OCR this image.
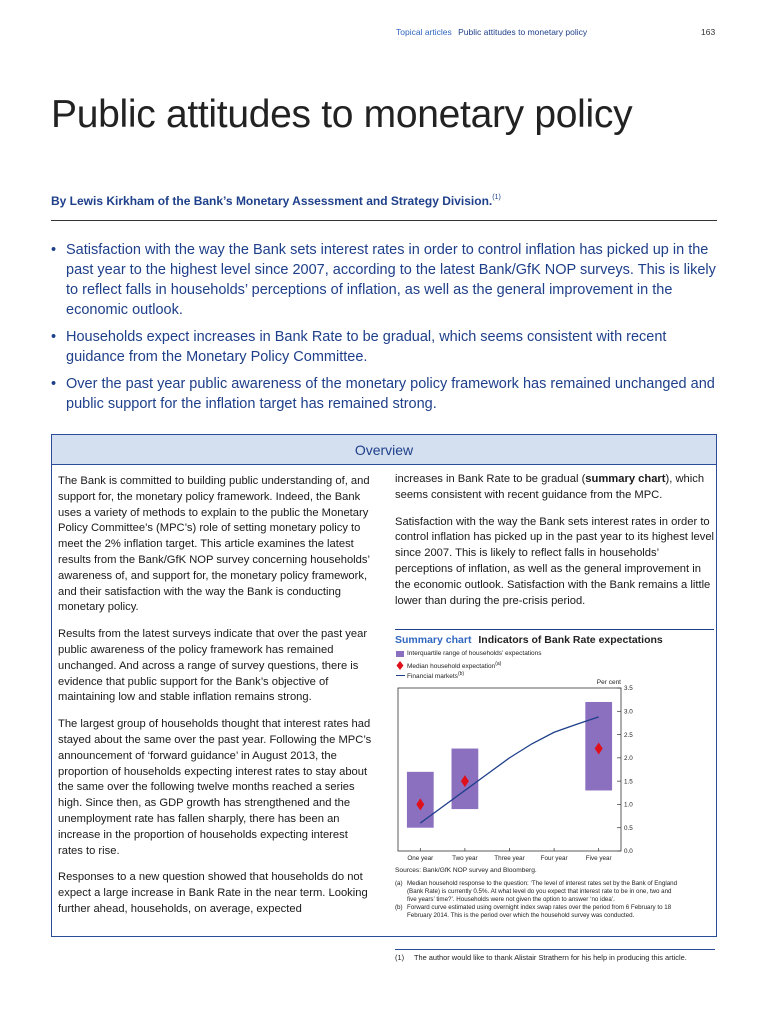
Topical articles Public attitudes to monetary policy	163
Public attitudes to monetary policy
By Lewis Kirkham of the Bank’s Monetary Assessment and Strategy Division.$^{(1)}$
• Satisfaction with the way the Bank sets interest rates in order to control inflation has picked up in the past year to the highest level since 2007, according to the latest Bank/GfK NOP surveys. This is likely to reflect falls in households’ perceptions of inflation, as well as the general improvement in the economic outlook.
• Households expect increases in Bank Rate to be gradual, which seems consistent with recent guidance from the Monetary Policy Committee.
• Over the past year public awareness of the monetary policy framework has remained unchanged and public support for the inflation target has remained strong.
Overview

The Bank is committed to building public understanding of, and support for, the monetary policy framework. Indeed, the Bank uses a variety of methods to explain to the public the Monetary Policy Committee’s (MPC’s) role of setting monetary policy to meet the 2% inflation target. This article examines the latest results from the Bank/GfK NOP survey concerning households’ awareness of, and support for, the monetary policy framework, and their satisfaction with the way the Bank is conducting monetary policy.

Results from the latest surveys indicate that over the past year public awareness of the policy framework has remained unchanged. And across a range of survey questions, there is evidence that public support for the Bank’s objective of maintaining low and stable inflation remains strong.

The largest group of households thought that interest rates had stayed about the same over the past year. Following the MPC’s announcement of ‘forward guidance’ in August 2013, the proportion of households expecting interest rates to stay about the same over the following twelve months reached a series high. Since then, as GDP growth has strengthened and the unemployment rate has fallen sharply, there has been an increase in the proportion of households expecting interest rates to rise.

Responses to a new question showed that households do not expect a large increase in Bank Rate in the near term. Looking further ahead, households, on average, expected

increases in Bank Rate to be gradual (summary chart), which seems consistent with recent guidance from the MPC.

Satisfaction with the way the Bank sets interest rates in order to control inflation has picked up in the past year to its highest level since 2007. This is likely to reflect falls in households’ perceptions of inflation, as well as the general improvement in the economic outlook. Satisfaction with the Bank remains a little lower than during the pre-crisis period.

Summary chart Indicators of Bank Rate expectations
Interquartile range of households’ expectations
Median household expectation$^{(a)}$
Financial markets$^{(b)}$
Per cent
0.0
0.5
1.0
1.5
2.0
2.5
3.0
3.5
One year	Two year	Three year	Four year	Five year
Sources: Bank/GfK NOP survey and Bloomberg.
(a) Median household response to the question: ‘The level of interest rates set by the Bank of England (Bank Rate) is currently 0.5%. At what level do you expect that interest rate to be in one, two and five years’ time?’. Households were not given the option to answer ‘no idea’.
(b) Forward curve estimated using overnight index swap rates over the period from 6 February to 18 February 2014. This is the period over which the household survey was conducted.
(1) The author would like to thank Alistair Strathern for his help in producing this article.
